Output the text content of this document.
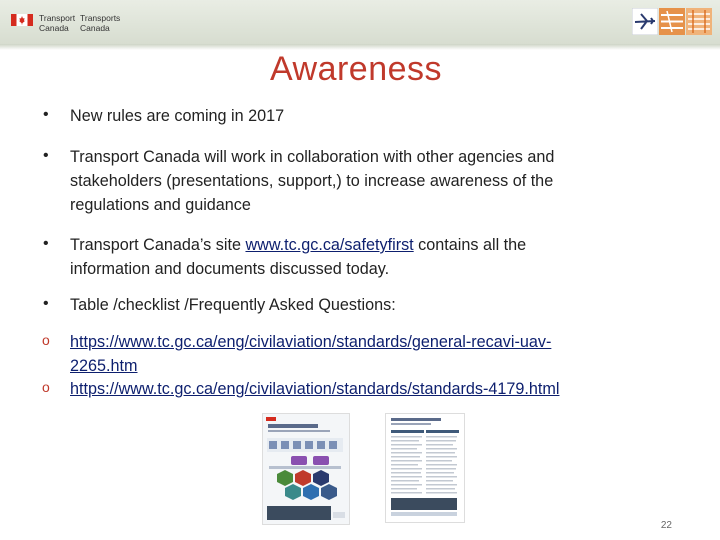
Transport
Canada
Transports
Canada
Awareness
• New rules are coming in 2017
• Transport Canada will work in collaboration with other agencies and
stakeholders (presentations, support,) to increase awareness of the
regulations and guidance
• Transport Canada’s site www.tc.gc.ca/safetyfirst contains all the
information and documents discussed today.
• Table /checklist /Frequently Asked Questions:
o https://www.tc.gc.ca/eng/civilaviation/standards/general-recavi-uav-
2265.htm
o https://www.tc.gc.ca/eng/civilaviation/standards/standards-4179.html
22
